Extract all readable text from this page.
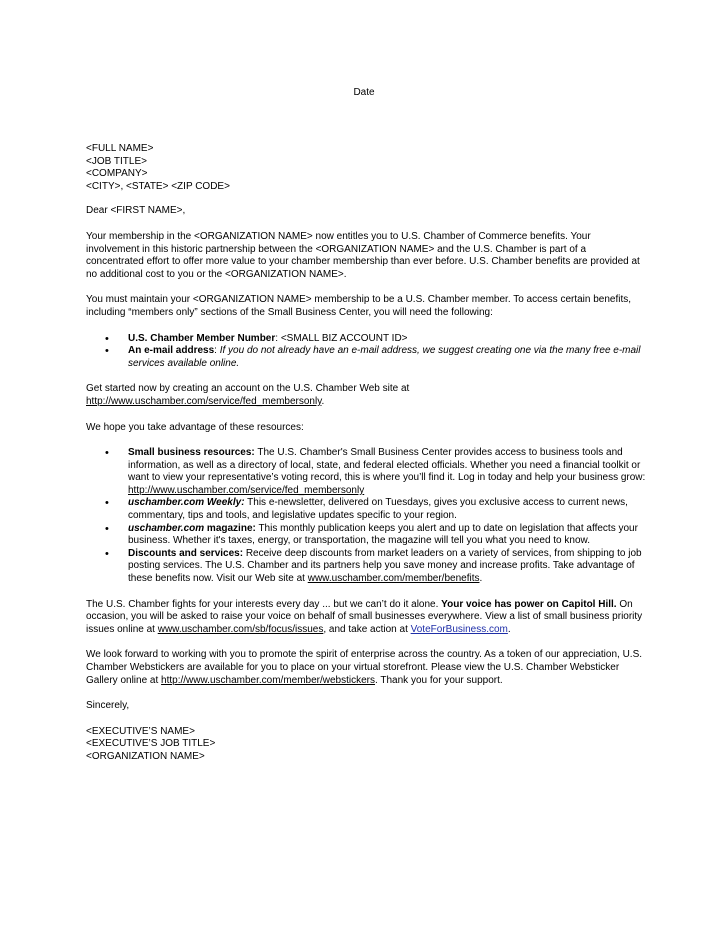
Date
<FULL NAME>
<JOB TITLE>
<COMPANY>
<CITY>, <STATE> <ZIP CODE>

Dear <FIRST NAME>,

Your membership in the <ORGANIZATION NAME> now entitles you to U.S. Chamber of Commerce benefits. Your involvement in this historic partnership between the <ORGANIZATION NAME> and the U.S. Chamber is part of a concentrated effort to offer more value to your chamber membership than ever before. U.S. Chamber benefits are provided at no additional cost to you or the <ORGANIZATION NAME>.

You must maintain your <ORGANIZATION NAME> membership to be a U.S. Chamber member. To access certain benefits, including “members only” sections of the Small Business Center, you will need the following:

• U.S. Chamber Member Number: <SMALL BIZ ACCOUNT ID>
• An e-mail address: If you do not already have an e-mail address, we suggest creating one via the many free e-mail services available online.

Get started now by creating an account on the U.S. Chamber Web site at
http://www.uschamber.com/service/fed_membersonly.

We hope you take advantage of these resources:

• Small business resources: The U.S. Chamber's Small Business Center provides access to business tools and information, as well as a directory of local, state, and federal elected officials. Whether you need a financial toolkit or want to view your representative’s voting record, this is where you’ll find it. Log in today and help your business grow: http://www.uschamber.com/service/fed_membersonly
• uschamber.com Weekly: This e-newsletter, delivered on Tuesdays, gives you exclusive access to current news, commentary, tips and tools, and legislative updates specific to your region.
• uschamber.com magazine: This monthly publication keeps you alert and up to date on legislation that affects your business. Whether it's taxes, energy, or transportation, the magazine will tell you what you need to know.
• Discounts and services: Receive deep discounts from market leaders on a variety of services, from shipping to job posting services. The U.S. Chamber and its partners help you save money and increase profits. Take advantage of these benefits now. Visit our Web site at www.uschamber.com/member/benefits.

The U.S. Chamber fights for your interests every day ... but we can’t do it alone. Your voice has power on Capitol Hill. On occasion, you will be asked to raise your voice on behalf of small businesses everywhere. View a list of small business priority issues online at www.uschamber.com/sb/focus/issues, and take action at VoteForBusiness.com.

We look forward to working with you to promote the spirit of enterprise across the country. As a token of our appreciation, U.S. Chamber Webstickers are available for you to place on your virtual storefront. Please view the U.S. Chamber Websticker Gallery online at http://www.uschamber.com/member/webstickers. Thank you for your support.

Sincerely,

<EXECUTIVE’S NAME>
<EXECUTIVE’S JOB TITLE>
<ORGANIZATION NAME>
